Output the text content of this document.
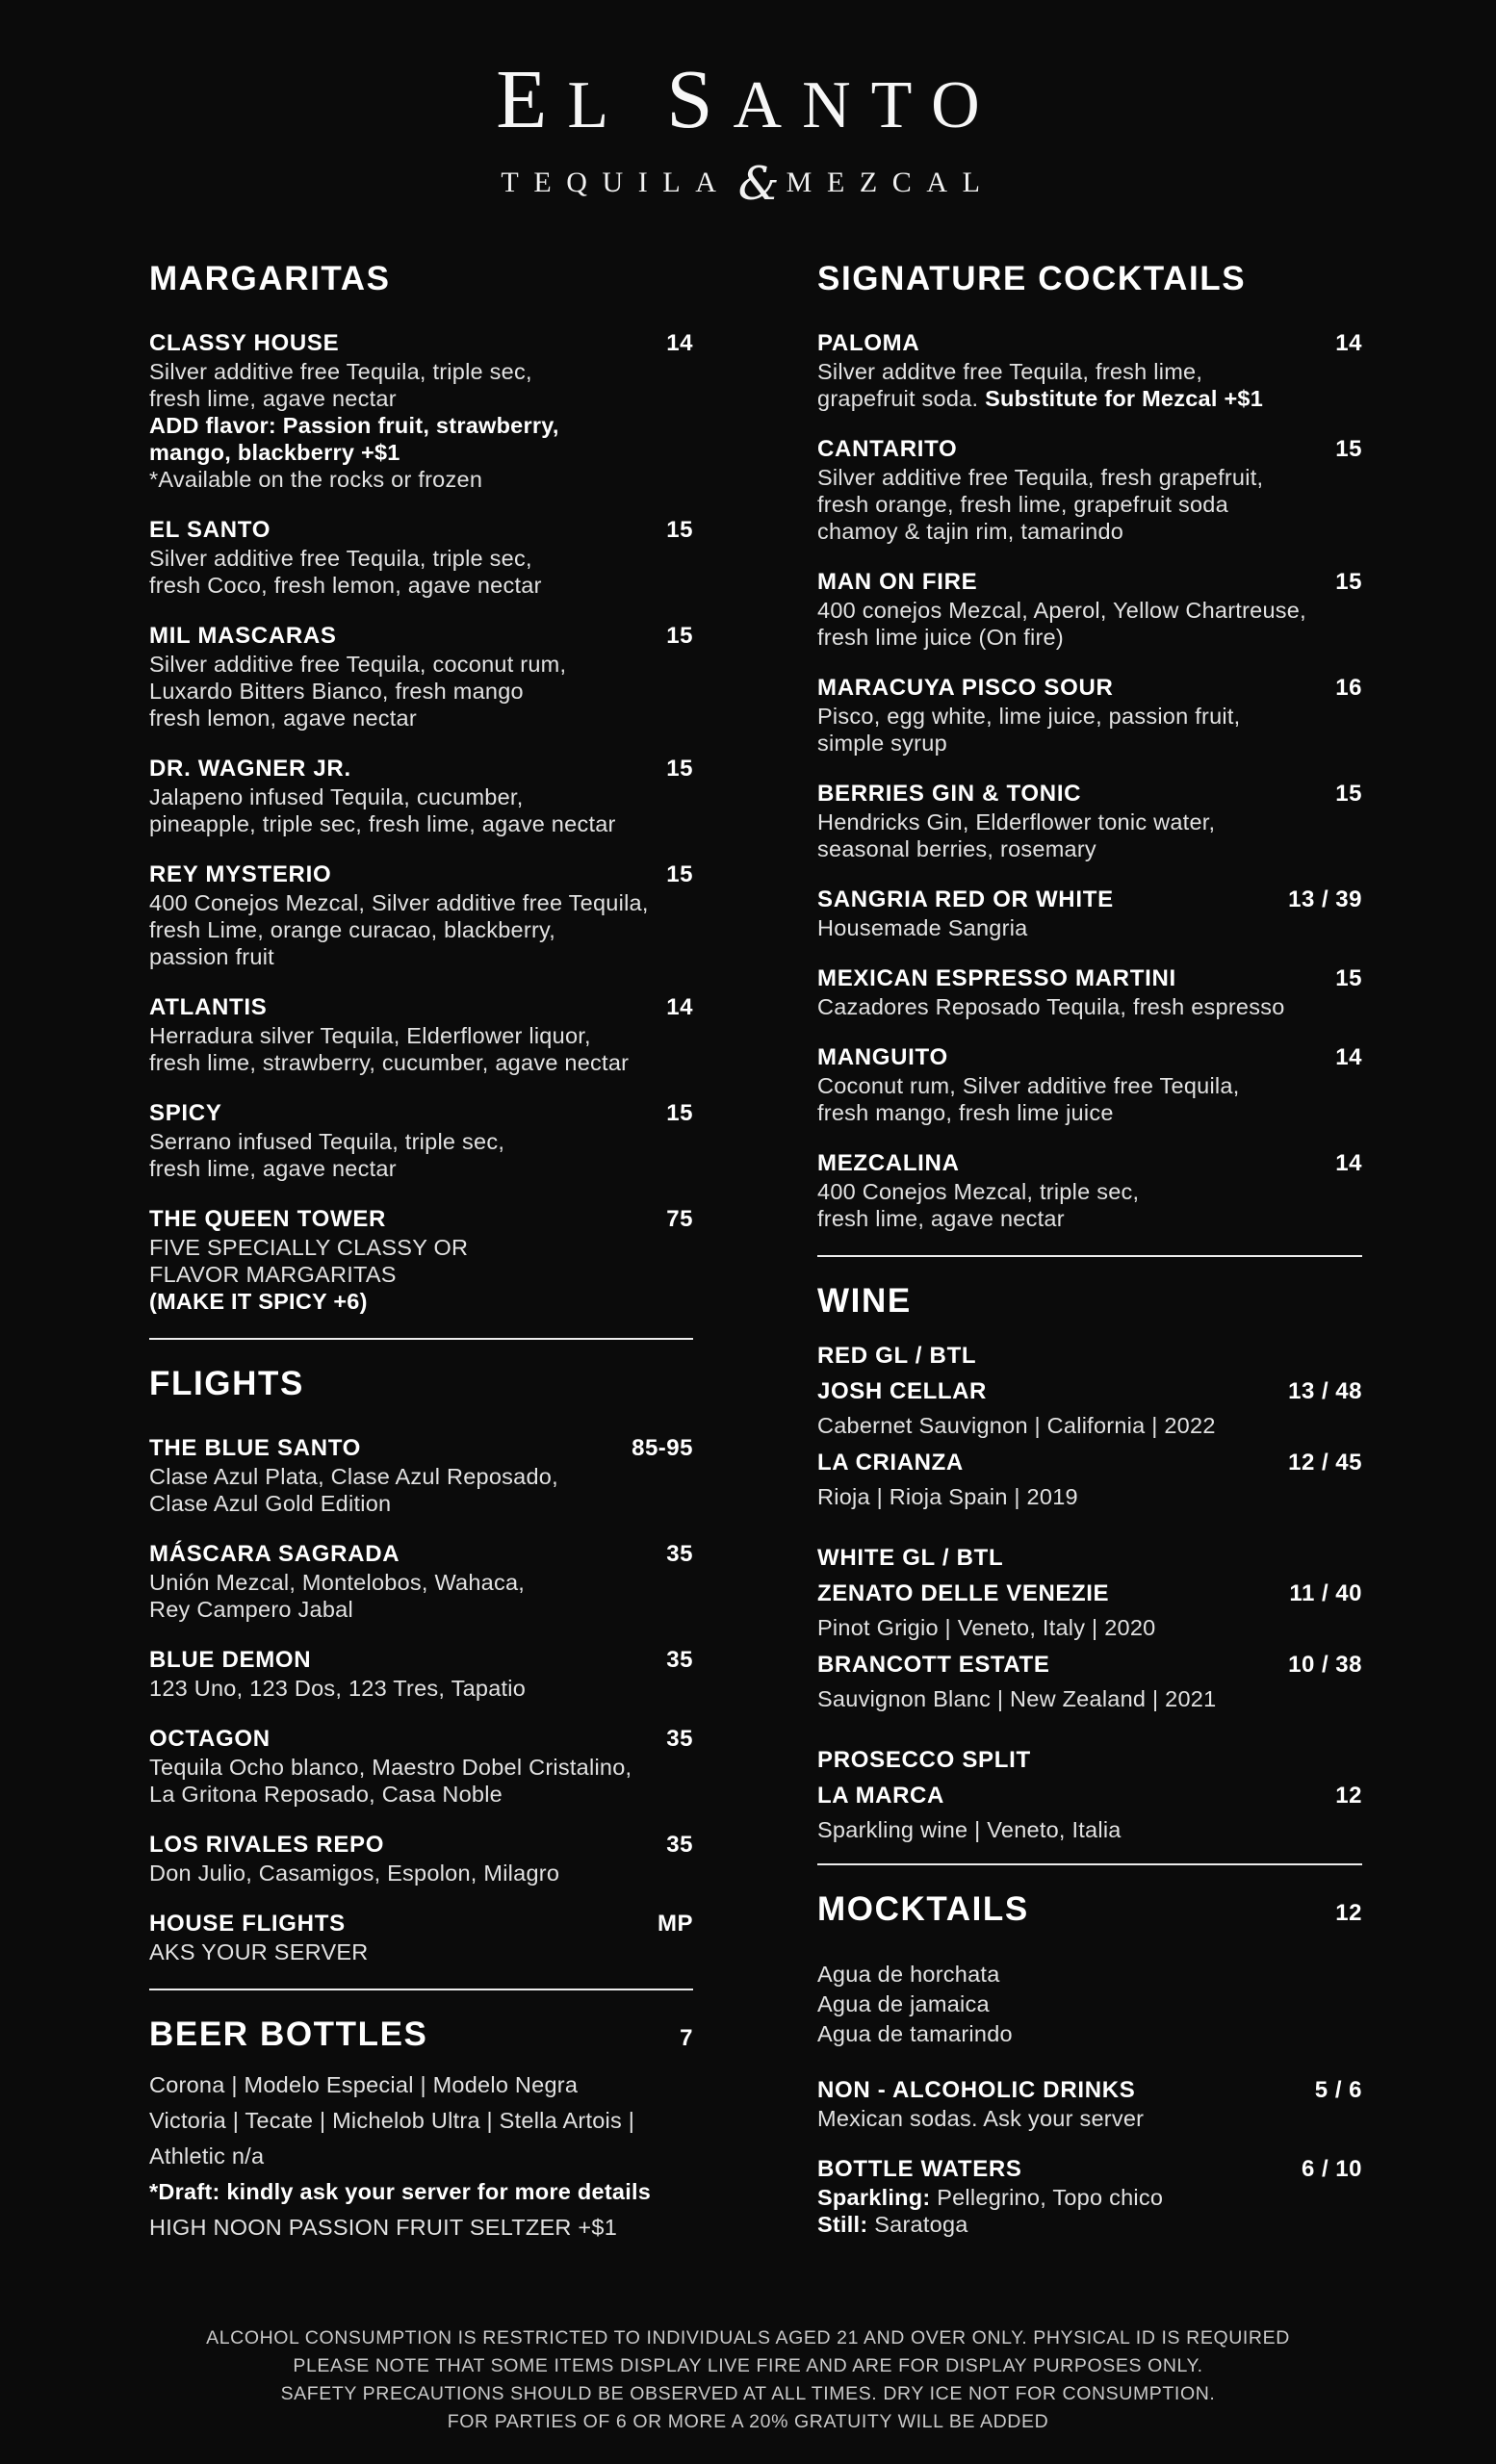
EL SANTO
TEQUILA & MEZCAL
MARGARITAS
CLASSY HOUSE	14
Silver additive free Tequila, triple sec,
fresh lime, agave nectar
ADD flavor: Passion fruit, strawberry,
mango, blackberry +$1
*Available on the rocks or frozen
EL SANTO	15
Silver additive free Tequila, triple sec,
fresh Coco, fresh lemon, agave nectar
MIL MASCARAS	15
Silver additive free Tequila, coconut rum,
Luxardo Bitters Bianco, fresh mango
fresh lemon, agave nectar
DR. WAGNER JR.	15
Jalapeno infused Tequila, cucumber,
pineapple, triple sec, fresh lime, agave nectar
REY MYSTERIO	15
400 Conejos Mezcal, Silver additive free Tequila,
fresh Lime, orange curacao, blackberry,
passion fruit
ATLANTIS	14
Herradura silver Tequila, Elderflower liquor,
fresh lime, strawberry, cucumber, agave nectar
SPICY	15
Serrano infused Tequila, triple sec,
fresh lime, agave nectar
THE QUEEN TOWER	75
FIVE SPECIALLY CLASSY OR
FLAVOR MARGARITAS
(MAKE IT SPICY +6)
FLIGHTS
THE BLUE SANTO	85-95
Clase Azul Plata, Clase Azul Reposado,
Clase Azul Gold Edition
MÁSCARA SAGRADA	35
Unión Mezcal, Montelobos, Wahaca,
Rey Campero Jabal
BLUE DEMON	35
123 Uno, 123 Dos, 123 Tres, Tapatio
OCTAGON	35
Tequila Ocho blanco, Maestro Dobel Cristalino,
La Gritona Reposado, Casa Noble
LOS RIVALES REPO	35
Don Julio, Casamigos, Espolon, Milagro
HOUSE FLIGHTS	MP
AKS YOUR SERVER
BEER BOTTLES	7
Corona | Modelo Especial | Modelo Negra
Victoria | Tecate | Michelob Ultra | Stella Artois |
Athletic n/a
*Draft: kindly ask your server for more details
HIGH NOON PASSION FRUIT SELTZER +$1
SIGNATURE COCKTAILS
PALOMA	14
Silver additve free Tequila, fresh lime,
grapefruit soda. Substitute for Mezcal +$1
CANTARITO	15
Silver additive free Tequila, fresh grapefruit,
fresh orange, fresh lime, grapefruit soda
chamoy & tajin rim, tamarindo
MAN ON FIRE	15
400 conejos Mezcal, Aperol, Yellow Chartreuse,
fresh lime juice (On fire)
MARACUYA PISCO SOUR	16
Pisco, egg white, lime juice, passion fruit,
simple syrup
BERRIES GIN & TONIC	15
Hendricks Gin, Elderflower tonic water,
seasonal berries, rosemary
SANGRIA RED OR WHITE	13 / 39
Housemade Sangria
MEXICAN ESPRESSO MARTINI	15
Cazadores Reposado Tequila, fresh espresso
MANGUITO	14
Coconut rum, Silver additive free Tequila,
fresh mango, fresh lime juice
MEZCALINA	14
400 Conejos Mezcal, triple sec,
fresh lime, agave nectar
WINE
RED GL / BTL
JOSH CELLAR	13 / 48
Cabernet Sauvignon | California | 2022
LA CRIANZA	12 / 45
Rioja | Rioja Spain | 2019
WHITE GL / BTL
ZENATO DELLE VENEZIE	11 / 40
Pinot Grigio | Veneto, Italy | 2020
BRANCOTT ESTATE	10 / 38
Sauvignon Blanc | New Zealand | 2021
PROSECCO SPLIT
LA MARCA	12
Sparkling wine | Veneto, Italia
MOCKTAILS	12
Agua de horchata
Agua de jamaica
Agua de tamarindo
NON - ALCOHOLIC DRINKS	5 / 6
Mexican sodas. Ask your server
BOTTLE WATERS	6 / 10
Sparkling: Pellegrino, Topo chico
Still: Saratoga
ALCOHOL CONSUMPTION IS RESTRICTED TO INDIVIDUALS AGED 21 AND OVER ONLY. PHYSICAL ID IS REQUIRED
PLEASE NOTE THAT SOME ITEMS DISPLAY LIVE FIRE AND ARE FOR DISPLAY PURPOSES ONLY.
SAFETY PRECAUTIONS SHOULD BE OBSERVED AT ALL TIMES. DRY ICE NOT FOR CONSUMPTION.
FOR PARTIES OF 6 OR MORE A 20% GRATUITY WILL BE ADDED
